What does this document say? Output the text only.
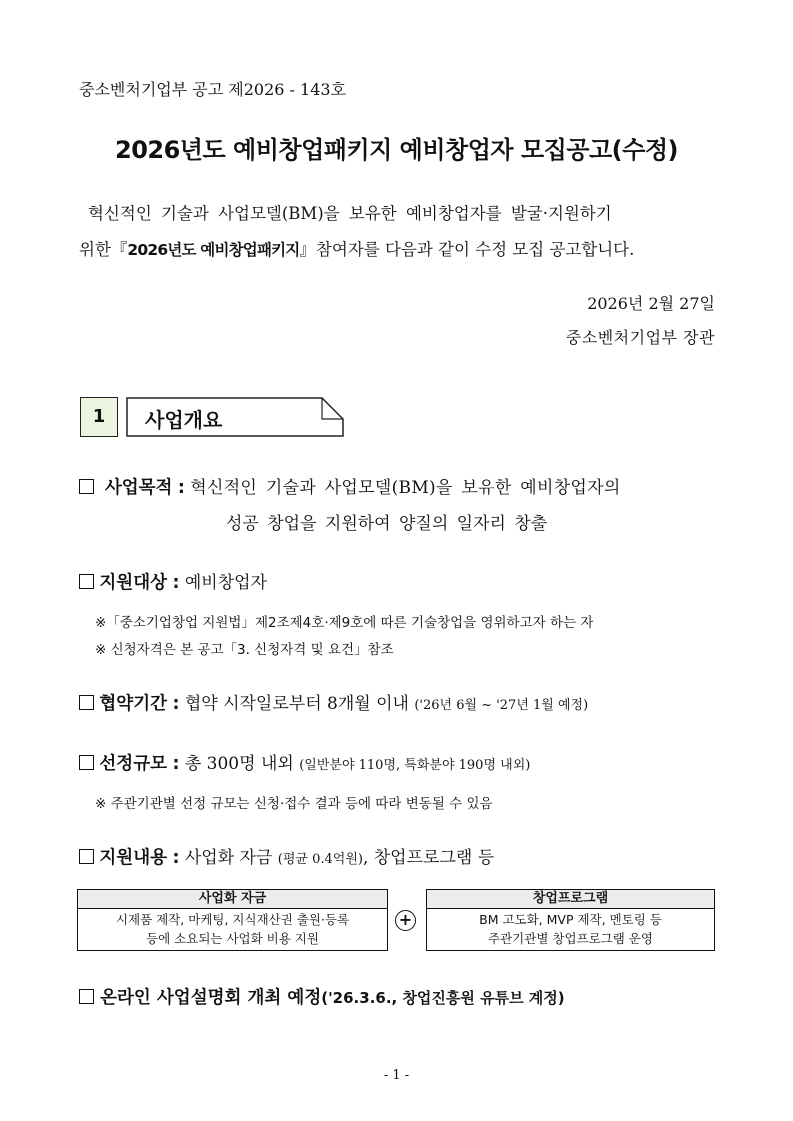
중소벤처기업부 공고 제2026 - 143호
2026년도 예비창업패키지 예비창업자 모집공고(수정)
혁신적인 기술과 사업모델(BM)을 보유한 예비창업자를 발굴·지원하기
위한『2026년도 예비창업패키지』참여자를 다음과 같이 수정 모집 공고합니다.
2026년 2월 27일
중소벤처기업부 장관
1	사업개요
사업목적 : 혁신적인 기술과 사업모델(BM)을 보유한 예비창업자의
성공 창업을 지원하여 양질의 일자리 창출
지원대상 : 예비창업자
※「중소기업창업 지원법」제2조제4호·제9호에 따른 기술창업을 영위하고자 하는 자
※ 신청자격은 본 공고「3. 신청자격 및 요건」참조
협약기간 : 협약 시작일로부터 8개월 이내 ('26년 6월 ~ '27년 1월 예정)
선정규모 : 총 300명 내외 (일반분야 110명, 특화분야 190명 내외)
※ 주관기관별 선정 규모는 신청·접수 결과 등에 따라 변동될 수 있음
지원내용 : 사업화 자금 (평균 0.4억원), 창업프로그램 등
사업화 자금
시제품 제작, 마케팅, 지식재산권 출원·등록
등에 소요되는 사업화 비용 지원
+
창업프로그램
BM 고도화, MVP 제작, 멘토링 등
주관기관별 창업프로그램 운영
온라인 사업설명회 개최 예정('26.3.6., 창업진흥원 유튜브 계정)
- 1 -
